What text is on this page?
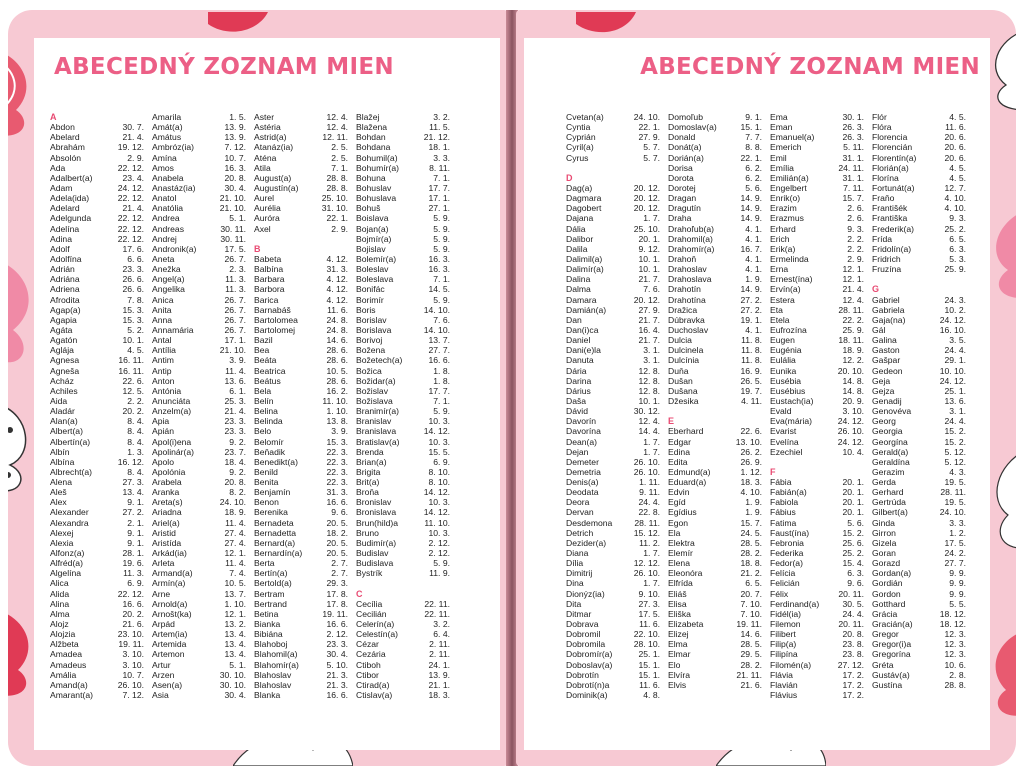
ABECEDNÝ ZOZNAM MIEN
A
Abdon	30. 7.
Abelard	21. 4.
Abrahám	19. 12.
Absolón	2. 9.
Ada	22. 12.
Adalbert(a)	23. 4.
Adam	24. 12.
Adela(ida)	22. 12.
Adelard	21. 4.
Adelgunda	22. 12.
Adelína	22. 12.
Adina	22. 12.
Adolf	17. 6.
Adolfína	6. 6.
Adrián	23. 3.
Adriána	26. 6.
Adriena	26. 6.
Afrodita	7. 8.
Agap(a)	15. 3.
Agapia	15. 3.
Agáta	5. 2.
Agatón	10. 1.
Aglája	4. 5.
Agnesa	16. 11.
Agneša	16. 11.
Acház	22. 6.
Achiles	12. 5.
Aida	2. 2.
Aladár	20. 2.
Alan(a)	8. 4.
Albert(a)	8. 4.
Albertín(a)	8. 4.
Albín	1. 3.
Albína	16. 12.
Albrecht(a)	8. 4.
Alena	27. 3.
Aleš	13. 4.
Alex	9. 1.
Alexander	27. 2.
Alexandra	2. 1.
Alexej	9. 1.
Alexia	9. 1.
Alfonz(a)	28. 1.
Alfréd(a)	19. 6.
Algelína	11. 3.
Alica	6. 9.
Alida	22. 12.
Alina	16. 6.
Alma	20. 2.
Alojz	21. 6.
Alojzia	23. 10.
Alžbeta	19. 11.
Amadea	3. 10.
Amadeus	3. 10.
Amália	10. 7.
Amand(a)	26. 10.
Amarant(a)	7. 12.
Amarila	1. 5.
Amát(a)	13. 9.
Amátus	13. 9.
Ambróz(ia)	7. 12.
Amína	10. 7.
Amos	16. 3.
Anabela	20. 8.
Anastáz(ia)	30. 4.
Anatol	21. 10.
Anatólia	21. 10.
Andrea	5. 1.
Andreas	30. 11.
Andrej	30. 11.
Andronik(a)	17. 5.
Aneta	26. 7.
Anežka	2. 3.
Angel(a)	11. 3.
Angelika	11. 3.
Anica	26. 7.
Anita	26. 7.
Anna	26. 7.
Annamária	26. 7.
Antal	17. 1.
Antília	21. 10.
Antim	3. 9.
Antip	11. 4.
Anton	13. 6.
Antónia	6. 1.
Anunciáta	25. 3.
Anzelm(a)	21. 4.
Apia	23. 3.
Apián	23. 3.
Apol(i)ena	9. 2.
Apolinár(a)	23. 7.
Apolo	18. 4.
Apolónia	9. 2.
Arabela	20. 8.
Aranka	8. 2.
Areta(s)	24. 10.
Ariadna	18. 9.
Ariel(a)	11. 4.
Aristid	27. 4.
Aristída	27. 4.
Arkád(ia)	12. 1.
Arleta	11. 4.
Armand(a)	7. 4.
Armín(a)	10. 5.
Arne	13. 7.
Arnold(a)	1. 10.
Arnošt(ka)	12. 1.
Arpád	13. 2.
Artem(ia)	13. 4.
Artemida	13. 4.
Artemon	13. 4.
Artur	5. 1.
Arzen	30. 10.
Asen(a)	30. 10.
Asia	30. 4.
Aster	12. 4.
Astéria	12. 4.
Astrid(a)	12. 11.
Atanáz(ia)	2. 5.
Aténa	2. 5.
Atila	7. 1.
August(a)	28. 8.
Augustín(a)	28. 8.
Aurel	25. 10.
Aurélia	31. 10.
Auróra	22. 1.
Axel	2. 9.
B
Babeta	4. 12.
Balbína	31. 3.
Barbara	4. 12.
Barbora	4. 12.
Barica	4. 12.
Barnabáš	11. 6.
Bartolomea	24. 8.
Bartolomej	24. 8.
Bazil	14. 6.
Bea	28. 6.
Beáta	28. 6.
Beatrica	10. 5.
Beátus	28. 6.
Bela	16. 2.
Belín	11. 10.
Belina	1. 10.
Belinda	13. 8.
Belo	3. 9.
Belomír	15. 3.
Beňadik	22. 3.
Benedikt(a)	22. 3.
Benild	22. 3.
Benita	22. 3.
Benjamín	31. 3.
Benon	16. 6.
Berenika	9. 6.
Bernadeta	20. 5.
Bernadetta	18. 2.
Bernard(a)	20. 5.
Bernardín(a)	20. 5.
Berta	2. 7.
Bertín(a)	2. 7.
Bertold(a)	29. 3.
Bertram	17. 8.
Bertrand	17. 8.
Betina	19. 11.
Bianka	16. 6.
Bibiána	2. 12.
Blahoboj	23. 3.
Blahomil(a)	30. 4.
Blahomír(a)	5. 10.
Blahoslav	21. 3.
Blahoslav	21. 3.
Blanka	16. 6.
Blažej	3. 2.
Blažena	11. 5.
Bohdan	21. 12.
Bohdana	18. 1.
Bohumil(a)	3. 3.
Bohumír(a)	8. 11.
Bohuna	7. 1.
Bohuslav	17. 7.
Bohuslava	17. 1.
Bohuš	27. 1.
Boislava	5. 9.
Bojan(a)	5. 9.
Bojmír(a)	5. 9.
Bojislav	5. 9.
Bolemír(a)	16. 3.
Boleslav	16. 3.
Boleslava	7. 1.
Bonifác	14. 5.
Borimír	5. 9.
Boris	14. 10.
Borislav	7. 6.
Borislava	14. 10.
Borivoj	13. 7.
Božena	27. 7.
Božetech(a)	16. 6.
Božica	1. 8.
Božidar(a)	1. 8.
Božislav	17. 7.
Božislava	7. 1.
Branimír(a)	5. 9.
Branislav	10. 3.
Branislava	14. 12.
Bratislav(a)	10. 3.
Brenda	15. 5.
Brian(a)	6. 9.
Brigita	8. 10.
Brit(a)	8. 10.
Broňa	14. 12.
Bronislav	10. 3.
Bronislava	14. 12.
Brun(hild)a	11. 10.
Bruno	10. 3.
Budimír(a)	2. 12.
Budislav	2. 12.
Budislava	5. 9.
Bystrík	11. 9.
C
Cecília	22. 11.
Cecilián	22. 11.
Celerín(a)	3. 2.
Celestín(a)	6. 4.
Cézar	2. 11.
Cezária	2. 11.
Ctiboh	24. 1.
Ctibor	13. 9.
Ctirad(a)	21. 1.
Ctislav(a)	18. 3.
ABECEDNÝ ZOZNAM MIEN
Cvetan(a)	24. 10.
Cyntia	22. 1.
Cyprián	27. 9.
Cyril(a)	5. 7.
Cyrus	5. 7.
D
Dag(a)	20. 12.
Dagmara	20. 12.
Dagobert	20. 12.
Dajana	1. 7.
Dália	25. 10.
Dalibor	20. 1.
Dalila	9. 12.
Dalimil(a)	10. 1.
Dalimír(a)	10. 1.
Dalina	21. 7.
Dalma	7. 6.
Damara	20. 12.
Damián(a)	27. 9.
Dan	21. 7.
Dan(i)ca	16. 4.
Daniel	21. 7.
Dani(e)la	3. 1.
Danuta	3. 1.
Dária	12. 8.
Darina	12. 8.
Dárius	12. 8.
Daša	10. 1.
Dávid	30. 12.
Davorín	12. 4.
Davorína	14. 4.
Dean(a)	1. 7.
Dejan	1. 7.
Demeter	26. 10.
Demetria	26. 10.
Denis(a)	1. 11.
Deodata	9. 11.
Deora	24. 4.
Dervan	22. 8.
Desdemona	28. 11.
Detrich	15. 12.
Dezider(a)	11. 2.
Diana	1. 7.
Dília	12. 12.
Dimitrij	26. 10.
Dina	1. 7.
Dionýz(ia)	9. 10.
Dita	27. 3.
Ditmar	17. 5.
Dobrava	11. 6.
Dobromil	22. 10.
Dobromila	28. 10.
Dobromír(a)	25. 1.
Doboslav(a)	15. 1.
Dobrotín	15. 1.
Dobrotí(n)a	11. 6.
Dominik(a)	4. 8.
Domoľub	9. 1.
Domoslav(a)	15. 1.
Donald	7. 7.
Donát(a)	8. 8.
Dorián(a)	22. 1.
Dorisa	6. 2.
Dorota	6. 2.
Dorotej	5. 6.
Dragan	14. 9.
Dragutín	14. 9.
Draha	14. 9.
Drahoľub(a)	4. 1.
Drahomil(a)	4. 1.
Drahomír(a)	16. 7.
Drahoň	4. 1.
Drahoslav	4. 1.
Drahoslava	1. 9.
Drahotín	14. 9.
Drahotína	27. 2.
Dražica	27. 2.
Dúbravka	19. 1.
Duchoslav	4. 1.
Dulcia	11. 8.
Dulcinela	11. 8.
Dulcínia	11. 8.
Duňa	16. 9.
Dušan	26. 5.
Dušana	19. 7.
Džesika	4. 11.
E
Eberhard	22. 6.
Edgar	13. 10.
Edina	26. 2.
Edita	26. 9.
Edmund(a)	1. 12.
Eduard(a)	18. 3.
Edvin	4. 10.
Egíd	1. 9.
Egídius	1. 9.
Egon	15. 7.
Ela	24. 5.
Elektra	28. 5.
Elemír	28. 2.
Elena	18. 8.
Eleonóra	21. 2.
Elfrída	6. 5.
Eliáš	20. 7.
Elisa	7. 10.
Eliška	7. 10.
Elizabeta	19. 11.
Elizej	14. 6.
Elma	28. 5.
Elmar	29. 5.
Elo	28. 2.
Elvíra	21. 11.
Elvis	21. 6.
Ema	30. 1.
Eman	26. 3.
Emanuel(a)	26. 3.
Emerich	5. 11.
Emil	31. 1.
Emília	24. 11.
Emilián(a)	31. 1.
Engelbert	7. 11.
Enrik(o)	15. 7.
Erazim	2. 6.
Erazmus	2. 6.
Erhard	9. 3.
Erich	2. 2.
Erik(a)	2. 2.
Ermelinda	2. 9.
Erna	12. 1.
Ernest(ína)	12. 1.
Ervín(a)	21. 4.
Estera	12. 4.
Eta	28. 11.
Etela	22. 2.
Eufrozína	25. 9.
Eugen	18. 11.
Eugénia	18. 9.
Eulália	12. 2.
Eunika	20. 10.
Eusébia	14. 8.
Eusébius	14. 8.
Eustach(ia)	20. 9.
Evald	3. 10.
Eva(mária)	24. 12.
Evarist	26. 10.
Evelína	24. 12.
Ezechiel	10. 4.
F
Fábia	20. 1.
Fabián(a)	20. 1.
Fabiola	20. 1.
Fábius	20. 1.
Fatima	5. 6.
Faust(ína)	15. 2.
Febronia	25. 6.
Federika	25. 2.
Fedor(a)	15. 4.
Felícia	6. 3.
Felicián	9. 6.
Félix	20. 11.
Ferdinand(a)	30. 5.
Fidél(ia)	24. 4.
Filemon	20. 11.
Filibert	20. 8.
Filip(a)	23. 8.
Filipína	23. 8.
Filomén(a)	27. 12.
Flávia	17. 2.
Flavián	17. 2.
Flávius	17. 2.
Flór	4. 5.
Flóra	11. 6.
Florencia	20. 6.
Florencián	20. 6.
Florentín(a)	20. 6.
Florián(a)	4. 5.
Florína	4. 5.
Fortunát(a)	12. 7.
Fraňo	4. 10.
Františék	4. 10.
Františka	9. 3.
Frederik(a)	25. 2.
Frída	6. 5.
Fridolín(a)	6. 3.
Fridrich	5. 3.
Fruzína	25. 9.
G
Gabriel	24. 3.
Gabriela	10. 2.
Gaja(na)	24. 12.
Gál	16. 10.
Galina	3. 5.
Gaston	24. 4.
Gašpar	29. 1.
Gedeon	10. 10.
Geja	24. 12.
Gejza	25. 1.
Genadij	13. 6.
Genovéva	3. 1.
Georg	24. 4.
Georgia	15. 2.
Georgína	15. 2.
Gerald(a)	5. 12.
Geraldína	5. 12.
Gerazim	4. 3.
Gerda	19. 5.
Gerhard	28. 11.
Gertrúda	19. 5.
Gilbert(a)	24. 10.
Ginda	3. 3.
Girron	1. 2.
Gizela	17. 5.
Goran	24. 2.
Gorazd	27. 7.
Gordan(a)	9. 9.
Gordián	9. 9.
Gordon	9. 9.
Gotthard	5. 5.
Grácia	18. 12.
Gracián(a)	18. 12.
Gregor	12. 3.
Gregor(i)a	12. 3.
Gregorína	12. 3.
Gréta	10. 6.
Gustáv(a)	2. 8.
Gustína	28. 8.
